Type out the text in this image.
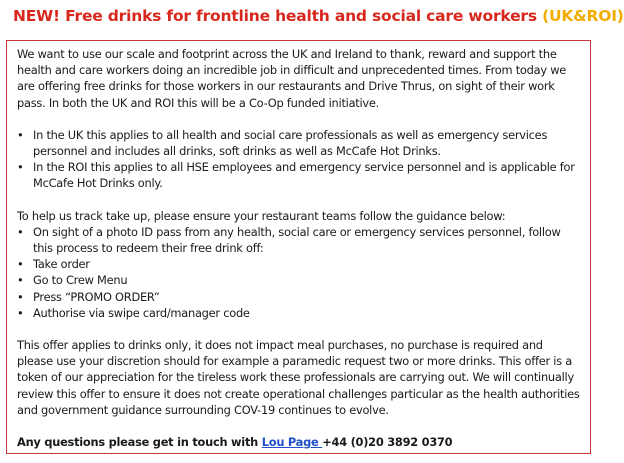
NEW! Free drinks for frontline health and social care workers (UK&ROI)

We want to use our scale and footprint across the UK and Ireland to thank, reward and support the health and care workers doing an incredible job in difficult and unprecedented times. From today we are offering free drinks for those workers in our restaurants and Drive Thrus, on sight of their work pass. In both the UK and ROI this will be a Co-Op funded initiative.

• In the UK this applies to all health and social care professionals as well as emergency services personnel and includes all drinks, soft drinks as well as McCafe Hot Drinks.
• In the ROI this applies to all HSE employees and emergency service personnel and is applicable for McCafe Hot Drinks only.

To help us track take up, please ensure your restaurant teams follow the guidance below:

• On sight of a photo ID pass from any health, social care or emergency services personnel, follow this process to redeem their free drink off:
• Take order
• Go to Crew Menu
• Press “PROMO ORDER”
• Authorise via swipe card/manager code

This offer applies to drinks only, it does not impact meal purchases, no purchase is required and please use your discretion should for example a paramedic request two or more drinks. This offer is a token of our appreciation for the tireless work these professionals are carrying out. We will continually review this offer to ensure it does not create operational challenges particular as the health authorities and government guidance surrounding COV-19 continues to evolve.

Any questions please get in touch with Lou Page +44 (0)20 3892 0370
